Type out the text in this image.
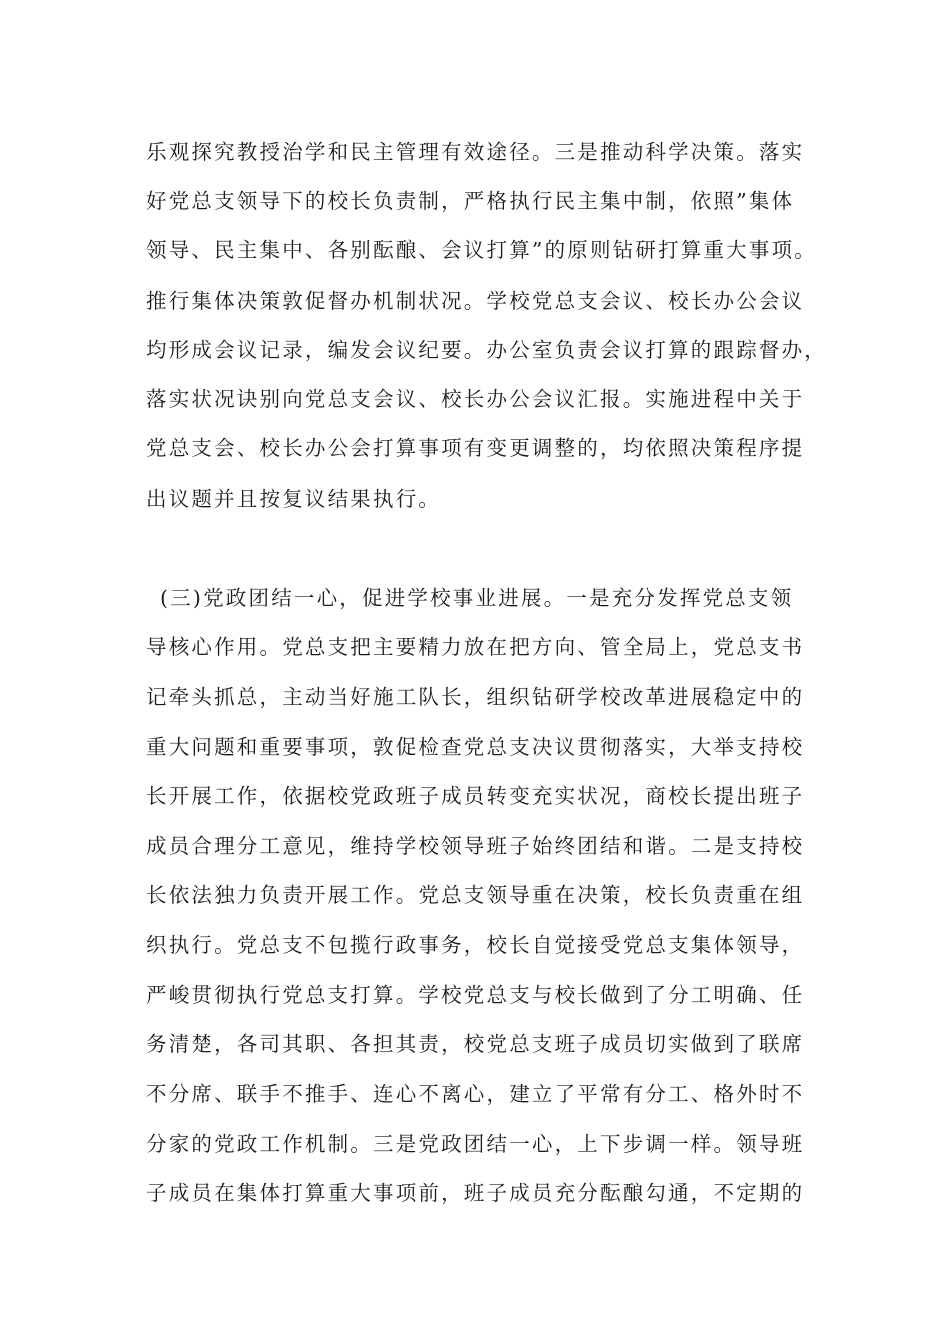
乐观探究教授治学和民主管理有效途径。三是推动科学决策。落实
好党总支领导下的校长负责制，严格执行民主集中制，依照”集体
领导、民主集中、各别酝酿、会议打算”的原则钻研打算重大事项。
推行集体决策敦促督办机制状况。学校党总支会议、校长办公会议
均形成会议记录，编发会议纪要。办公室负责会议打算的跟踪督办，
落实状况诀别向党总支会议、校长办公会议汇报。实施进程中关于
党总支会、校长办公会打算事项有变更调整的，均依照决策程序提
出议题并且按复议结果执行。
(三)党政团结一心，促进学校事业进展。一是充分发挥党总支领
导核心作用。党总支把主要精力放在把方向、管全局上，党总支书
记牵头抓总，主动当好施工队长，组织钻研学校改革进展稳定中的
重大问题和重要事项，敦促检查党总支决议贯彻落实，大举支持校
长开展工作，依据校党政班子成员转变充实状况，商校长提出班子
成员合理分工意见，维持学校领导班子始终团结和谐。二是支持校
长依法独力负责开展工作。党总支领导重在决策，校长负责重在组
织执行。党总支不包揽行政事务，校长自觉接受党总支集体领导，
严峻贯彻执行党总支打算。学校党总支与校长做到了分工明确、任
务清楚，各司其职、各担其责，校党总支班子成员切实做到了联席
不分席、联手不推手、连心不离心，建立了平常有分工、格外时不
分家的党政工作机制。三是党政团结一心，上下步调一样。领导班
子成员在集体打算重大事项前，班子成员充分酝酿勾通，不定期的
